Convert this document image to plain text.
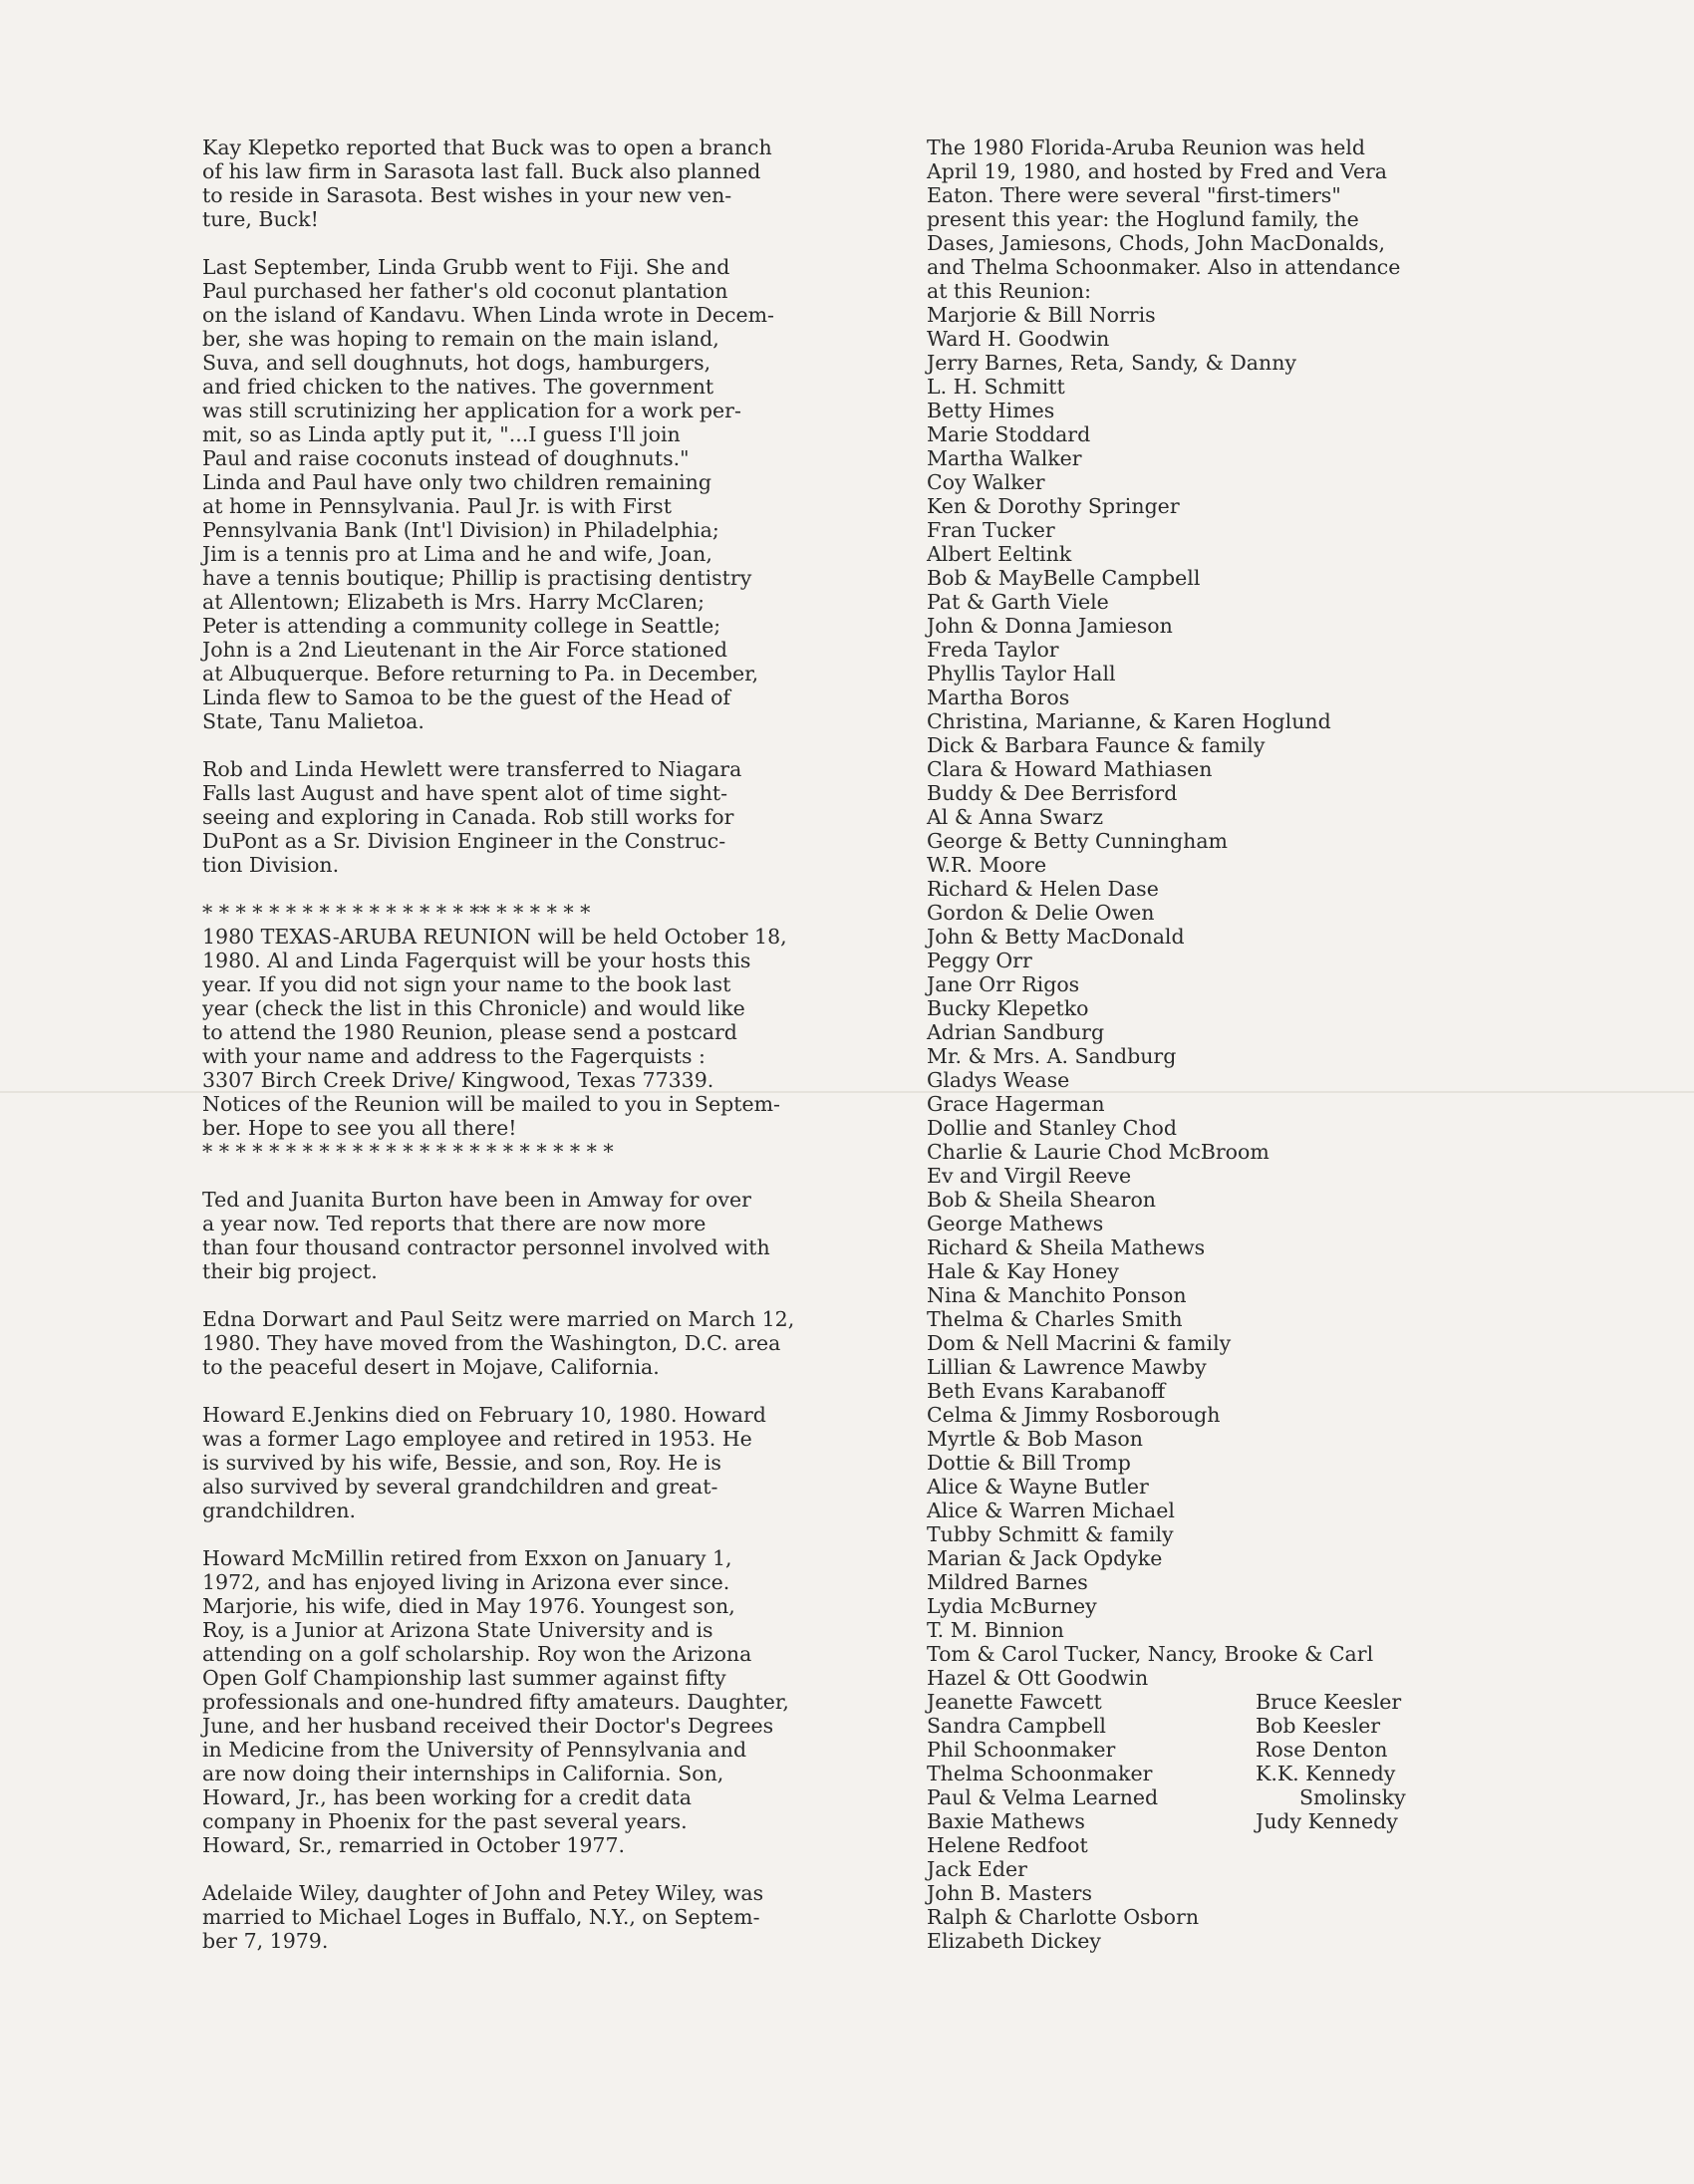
Kay Klepetko reported that Buck was to open a branch
of his law firm in Sarasota last fall. Buck also planned
to reside in Sarasota. Best wishes in your new ven-
ture, Buck!

Last September, Linda Grubb went to Fiji. She and
Paul purchased her father's old coconut plantation
on the island of Kandavu. When Linda wrote in Decem-
ber, she was hoping to remain on the main island,
Suva, and sell doughnuts, hot dogs, hamburgers,
and fried chicken to the natives. The government
was still scrutinizing her application for a work per-
mit, so as Linda aptly put it, "...I guess I'll join
Paul and raise coconuts instead of doughnuts."
Linda and Paul have only two children remaining
at home in Pennsylvania. Paul Jr. is with First
Pennsylvania Bank (Int'l Division) in Philadelphia;
Jim is a tennis pro at Lima and he and wife, Joan,
have a tennis boutique; Phillip is practising dentistry
at Allentown; Elizabeth is Mrs. Harry McClaren;
Peter is attending a community college in Seattle;
John is a 2nd Lieutenant in the Air Force stationed
at Albuquerque. Before returning to Pa. in December,
Linda flew to Samoa to be the guest of the Head of
State, Tanu Malietoa.

Rob and Linda Hewlett were transferred to Niagara
Falls last August and have spent alot of time sight-
seeing and exploring in Canada. Rob still works for
DuPont as a Sr. Division Engineer in the Construc-
tion Division.

* * * * * * * * * * * * * * * * ** * * * * * *

1980 TEXAS-ARUBA REUNION will be held October 18,
1980. Al and Linda Fagerquist will be your hosts this
year. If you did not sign your name to the book last
year (check the list in this Chronicle) and would like
to attend the 1980 Reunion, please send a postcard
with your name and address to the Fagerquists :
3307 Birch Creek Drive/ Kingwood, Texas 77339.
Notices of the Reunion will be mailed to you in Septem-
ber. Hope to see you all there!

* * * * * * * * * * * * * * * * * * * * * * * * *

Ted and Juanita Burton have been in Amway for over
a year now. Ted reports that there are now more
than four thousand contractor personnel involved with
their big project.

Edna Dorwart and Paul Seitz were married on March 12,
1980. They have moved from the Washington, D.C. area
to the peaceful desert in Mojave, California.

Howard E.Jenkins died on February 10, 1980. Howard
was a former Lago employee and retired in 1953. He
is survived by his wife, Bessie, and son, Roy. He is
also survived by several grandchildren and great-
grandchildren.

Howard McMillin retired from Exxon on January 1,
1972, and has enjoyed living in Arizona ever since.
Marjorie, his wife, died in May 1976. Youngest son,
Roy, is a Junior at Arizona State University and is
attending on a golf scholarship. Roy won the Arizona
Open Golf Championship last summer against fifty
professionals and one-hundred fifty amateurs. Daughter,
June, and her husband received their Doctor's Degrees
in Medicine from the University of Pennsylvania and
are now doing their internships in California. Son,
Howard, Jr., has been working for a credit data
company in Phoenix for the past several years.
Howard, Sr., remarried in October 1977.

Adelaide Wiley, daughter of John and Petey Wiley, was
married to Michael Loges in Buffalo, N.Y., on Septem-
ber 7, 1979.

The 1980 Florida-Aruba Reunion was held
April 19, 1980, and hosted by Fred and Vera
Eaton. There were several "first-timers"
present this year: the Hoglund family, the
Dases, Jamiesons, Chods, John MacDonalds,
and Thelma Schoonmaker. Also in attendance
at this Reunion:

Marjorie & Bill Norris
Ward H. Goodwin
Jerry Barnes, Reta, Sandy, & Danny
L. H. Schmitt
Betty Himes
Marie Stoddard
Martha Walker
Coy Walker
Ken & Dorothy Springer
Fran Tucker
Albert Eeltink
Bob & MayBelle Campbell
Pat & Garth Viele
John & Donna Jamieson
Freda Taylor
Phyllis Taylor Hall
Martha Boros
Christina, Marianne, & Karen Hoglund
Dick & Barbara Faunce & family
Clara & Howard Mathiasen
Buddy & Dee Berrisford
Al & Anna Swarz
George & Betty Cunningham
W.R. Moore
Richard & Helen Dase
Gordon & Delie Owen
John & Betty MacDonald
Peggy Orr
Jane Orr Rigos
Bucky Klepetko
Adrian Sandburg
Mr. & Mrs. A. Sandburg
Gladys Wease
Grace Hagerman
Dollie and Stanley Chod
Charlie & Laurie Chod McBroom
Ev and Virgil Reeve
Bob & Sheila Shearon
George Mathews
Richard & Sheila Mathews
Hale & Kay Honey
Nina & Manchito Ponson
Thelma & Charles Smith
Dom & Nell Macrini & family
Lillian & Lawrence Mawby
Beth Evans Karabanoff
Celma & Jimmy Rosborough
Myrtle & Bob Mason
Dottie & Bill Tromp
Alice & Wayne Butler
Alice & Warren Michael
Tubby Schmitt & family
Marian & Jack Opdyke
Mildred Barnes
Lydia McBurney
T. M. Binnion
Tom & Carol Tucker, Nancy, Brooke & Carl
Hazel & Ott Goodwin
Jeanette Fawcett
Sandra Campbell
Phil Schoonmaker
Thelma Schoonmaker
Paul & Velma Learned
Baxie Mathews
Helene Redfoot
Jack Eder
John B. Masters
Ralph & Charlotte Osborn
Elizabeth Dickey
Bruce Keesler
Bob Keesler
Rose Denton
K.K. Kennedy
Smolinsky
Judy Kennedy
